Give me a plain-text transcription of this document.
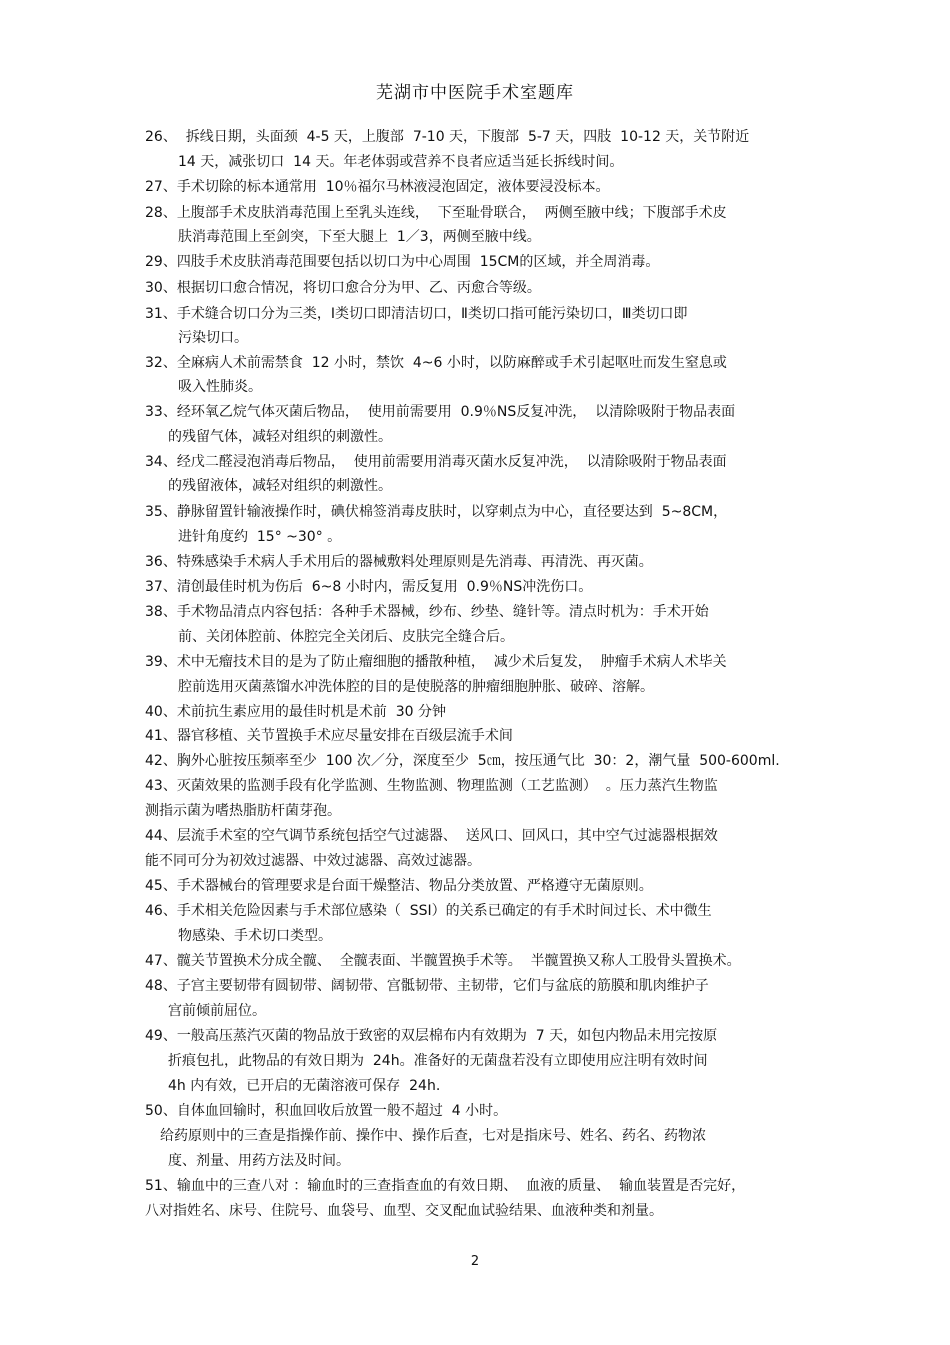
芜湖市中医院手术室题库
26、  拆线日期，头面颈  4-5 天，上腹部  7-10 天，下腹部  5-7 天，四肢  10-12 天，关节附近
14 天，减张切口  14 天。年老体弱或营养不良者应适当延长拆线时间。
27、手术切除的标本通常用  10％福尔马林液浸泡固定，液体要浸没标本。
28、上腹部手术皮肤消毒范围上至乳头连线，  下至耻骨联合，  两侧至腋中线；下腹部手术皮
肤消毒范围上至剑突，下至大腿上  1／3，两侧至腋中线。
29、四肢手术皮肤消毒范围要包括以切口为中心周围  15CM的区域，并全周消毒。
30、根据切口愈合情况，将切口愈合分为甲、乙、丙愈合等级。
31、手术缝合切口分为三类，Ⅰ类切口即清洁切口，Ⅱ类切口指可能污染切口，Ⅲ类切口即
污染切口。
32、全麻病人术前需禁食  12 小时，禁饮  4~6 小时，以防麻醉或手术引起呕吐而发生窒息或
吸入性肺炎。
33、经环氧乙烷气体灭菌后物品，  使用前需要用  0.9％NS反复冲洗，  以清除吸附于物品表面
的残留气体，减轻对组织的刺激性。
34、经戊二醛浸泡消毒后物品，  使用前需要用消毒灭菌水反复冲洗，  以清除吸附于物品表面
的残留液体，减轻对组织的刺激性。
35、静脉留置针输液操作时，碘伏棉签消毒皮肤时，以穿刺点为中心，直径要达到  5~8CM，
进针角度约  15° ~30° 。
36、特殊感染手术病人手术用后的器械敷料处理原则是先消毒、再清洗、再灭菌。
37、清创最佳时机为伤后  6~8 小时内，需反复用  0.9％NS冲洗伤口。
38、手术物品清点内容包括：各种手术器械，纱布、纱垫、缝针等。清点时机为：手术开始
前、关闭体腔前、体腔完全关闭后、皮肤完全缝合后。
39、术中无瘤技术目的是为了防止瘤细胞的播散种植，  减少术后复发，  肿瘤手术病人术毕关
腔前选用灭菌蒸馏水冲洗体腔的目的是使脱落的肿瘤细胞肿胀、破碎、溶解。
40、术前抗生素应用的最佳时机是术前  30 分钟
41、器官移植、关节置换手术应尽量安排在百级层流手术间
42、胸外心脏按压频率至少  100 次／分，深度至少  5㎝，按压通气比  30：2，潮气量  500-600ml.
43、灭菌效果的监测手段有化学监测、生物监测、物理监测（工艺监测）  。压力蒸汽生物监
测指示菌为嗜热脂肪杆菌芽孢。
44、层流手术室的空气调节系统包括空气过滤器、  送风口、回风口，其中空气过滤器根据效
能不同可分为初效过滤器、中效过滤器、高效过滤器。
45、手术器械台的管理要求是台面干燥整洁、物品分类放置、严格遵守无菌原则。
46、手术相关危险因素与手术部位感染（  SSI）的关系已确定的有手术时间过长、术中微生
物感染、手术切口类型。
47、髋关节置换术分成全髋、  全髋表面、半髋置换手术等。  半髋置换又称人工股骨头置换术。
48、子宫主要韧带有圆韧带、阔韧带、宫骶韧带、主韧带，它们与盆底的筋膜和肌肉维护子
宫前倾前屈位。
49、一般高压蒸汽灭菌的物品放于致密的双层棉布内有效期为  7 天，如包内物品未用完按原
折痕包扎，此物品的有效日期为  24h。准备好的无菌盘若没有立即使用应注明有效时间
4h 内有效，已开启的无菌溶液可保存  24h.
50、自体血回输时，积血回收后放置一般不超过  4 小时。
给药原则中的三查是指操作前、操作中、操作后查，七对是指床号、姓名、药名、药物浓
度、剂量、用药方法及时间。
51、输血中的三查八对 ：输血时的三查指查血的有效日期、  血液的质量、  输血装置是否完好，
八对指姓名、床号、住院号、血袋号、血型、交叉配血试验结果、血液种类和剂量。
2
